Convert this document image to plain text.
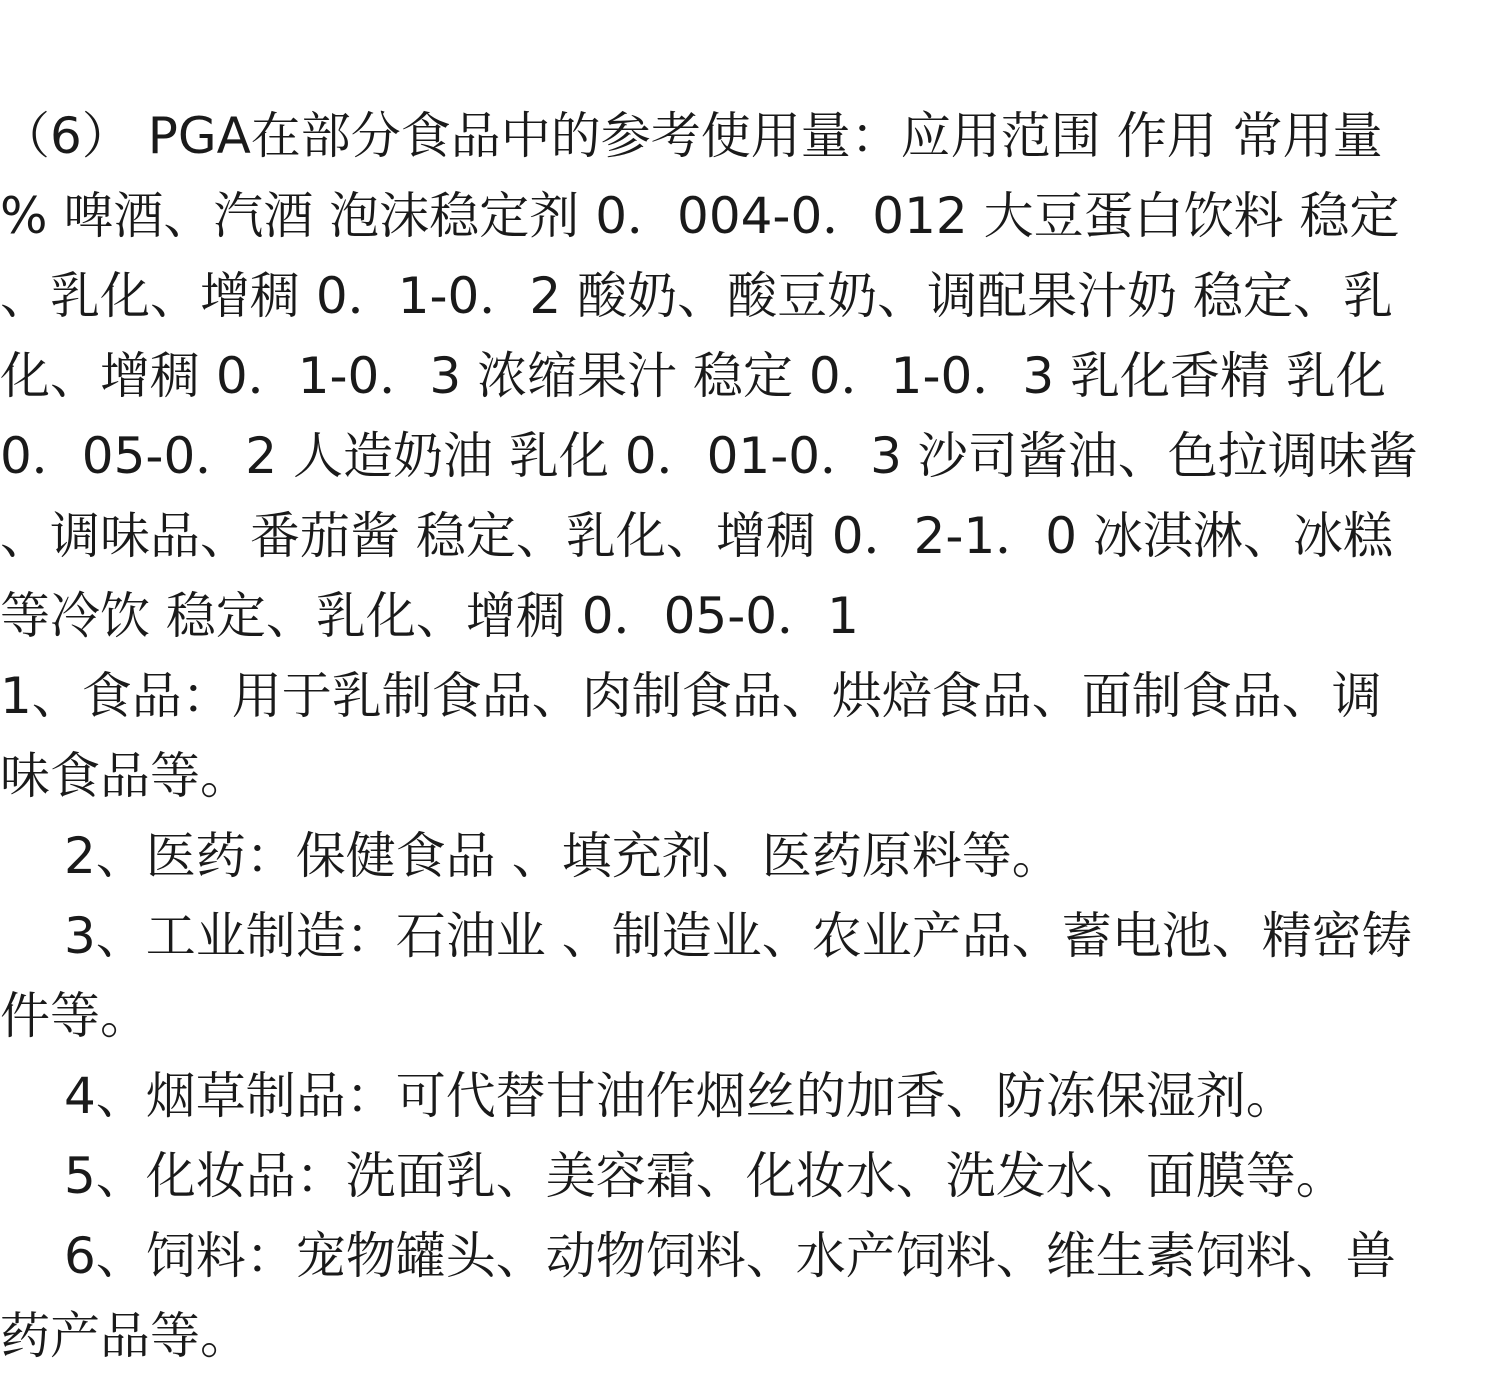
（6） PGA在部分食品中的参考使用量：应用范围 作用 常用量
% 啤酒、汽酒 泡沫稳定剂 0．004-0．012 大豆蛋白饮料 稳定
、乳化、增稠 0．1-0．2 酸奶、酸豆奶、调配果汁奶 稳定、乳
化、增稠 0．1-0．3 浓缩果汁 稳定 0．1-0．3 乳化香精 乳化
0．05-0．2 人造奶油 乳化 0．01-0．3 沙司酱油、色拉调味酱
、调味品、番茄酱 稳定、乳化、增稠 0．2-1．0 冰淇淋、冰糕
等冷饮 稳定、乳化、增稠 0．05-0．1
1、食品：用于乳制食品、肉制食品、烘焙食品、面制食品、调
味食品等。
2、医药：保健食品 、填充剂、医药原料等。
3、工业制造：石油业 、制造业、农业产品、蓄电池、精密铸
件等。
4、烟草制品：可代替甘油作烟丝的加香、防冻保湿剂。
5、化妆品：洗面乳、美容霜、化妆水、洗发水、面膜等。
6、饲料：宠物罐头、动物饲料、水产饲料、维生素饲料、兽
药产品等。
